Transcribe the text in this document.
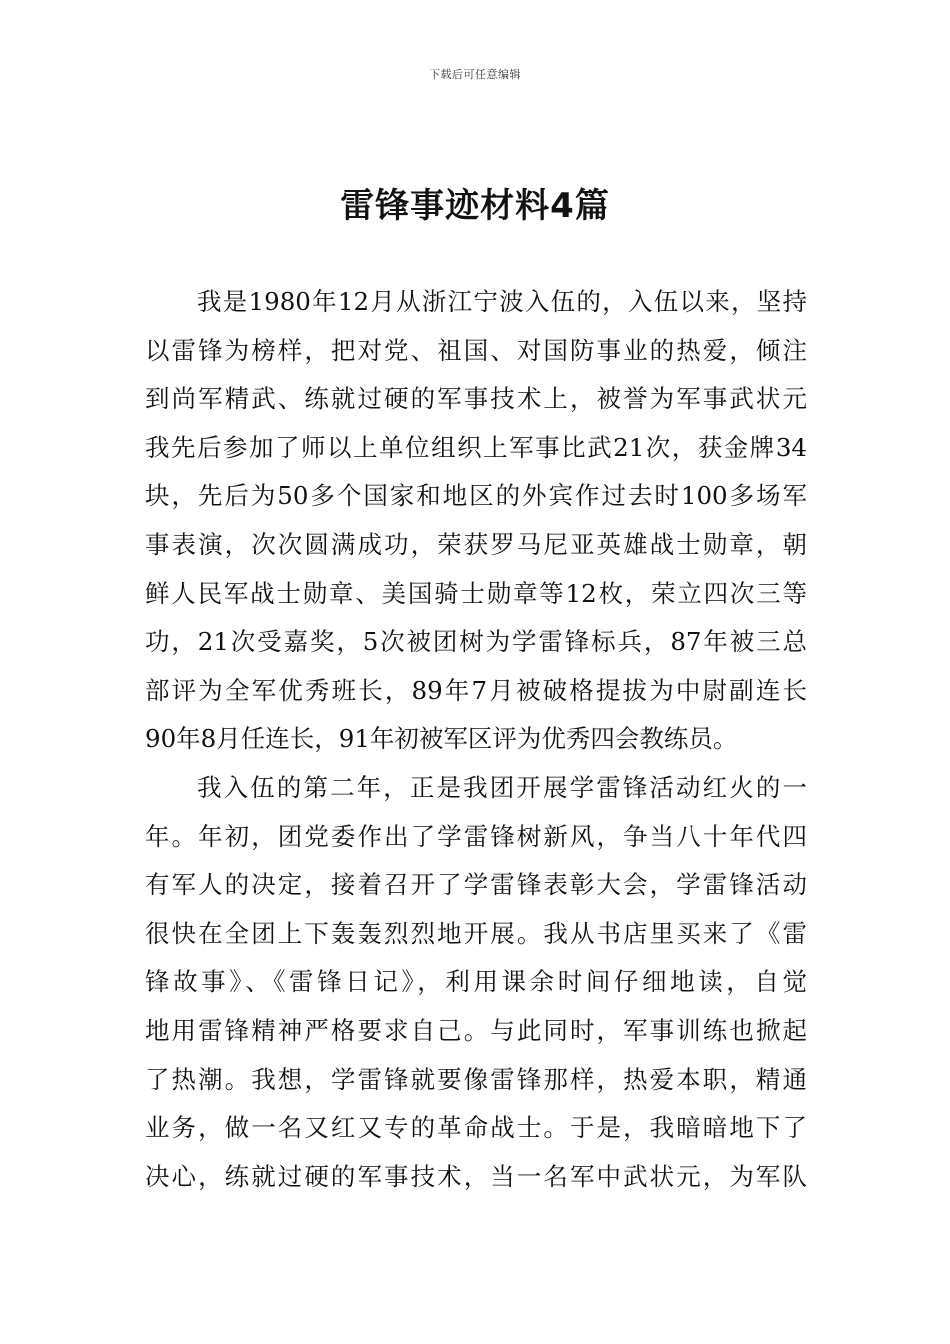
下载后可任意编辑
雷锋事迹材料4篇
我是1980年12月从浙江宁波入伍的，入伍以来，坚持
以雷锋为榜样，把对党、祖国、对国防事业的热爱，倾注
到尚军精武、练就过硬的军事技术上，被誉为军事武状元
我先后参加了师以上单位组织上军事比武21次，获金牌34
块，先后为50多个国家和地区的外宾作过去时100多场军
事表演，次次圆满成功，荣获罗马尼亚英雄战士勋章，朝
鲜人民军战士勋章、美国骑士勋章等12枚，荣立四次三等
功，21次受嘉奖，5次被团树为学雷锋标兵，87年被三总
部评为全军优秀班长，89年7月被破格提拔为中尉副连长
90年8月任连长，91年初被军区评为优秀四会教练员。
我入伍的第二年，正是我团开展学雷锋活动红火的一
年。年初，团党委作出了学雷锋树新风，争当八十年代四
有军人的决定，接着召开了学雷锋表彰大会，学雷锋活动
很快在全团上下轰轰烈烈地开展。我从书店里买来了《雷
锋故事》、《雷锋日记》，利用课余时间仔细地读，自觉
地用雷锋精神严格要求自己。与此同时，军事训练也掀起
了热潮。我想，学雷锋就要像雷锋那样，热爱本职，精通
业务，做一名又红又专的革命战士。于是，我暗暗地下了
决心，练就过硬的军事技术，当一名军中武状元，为军队
